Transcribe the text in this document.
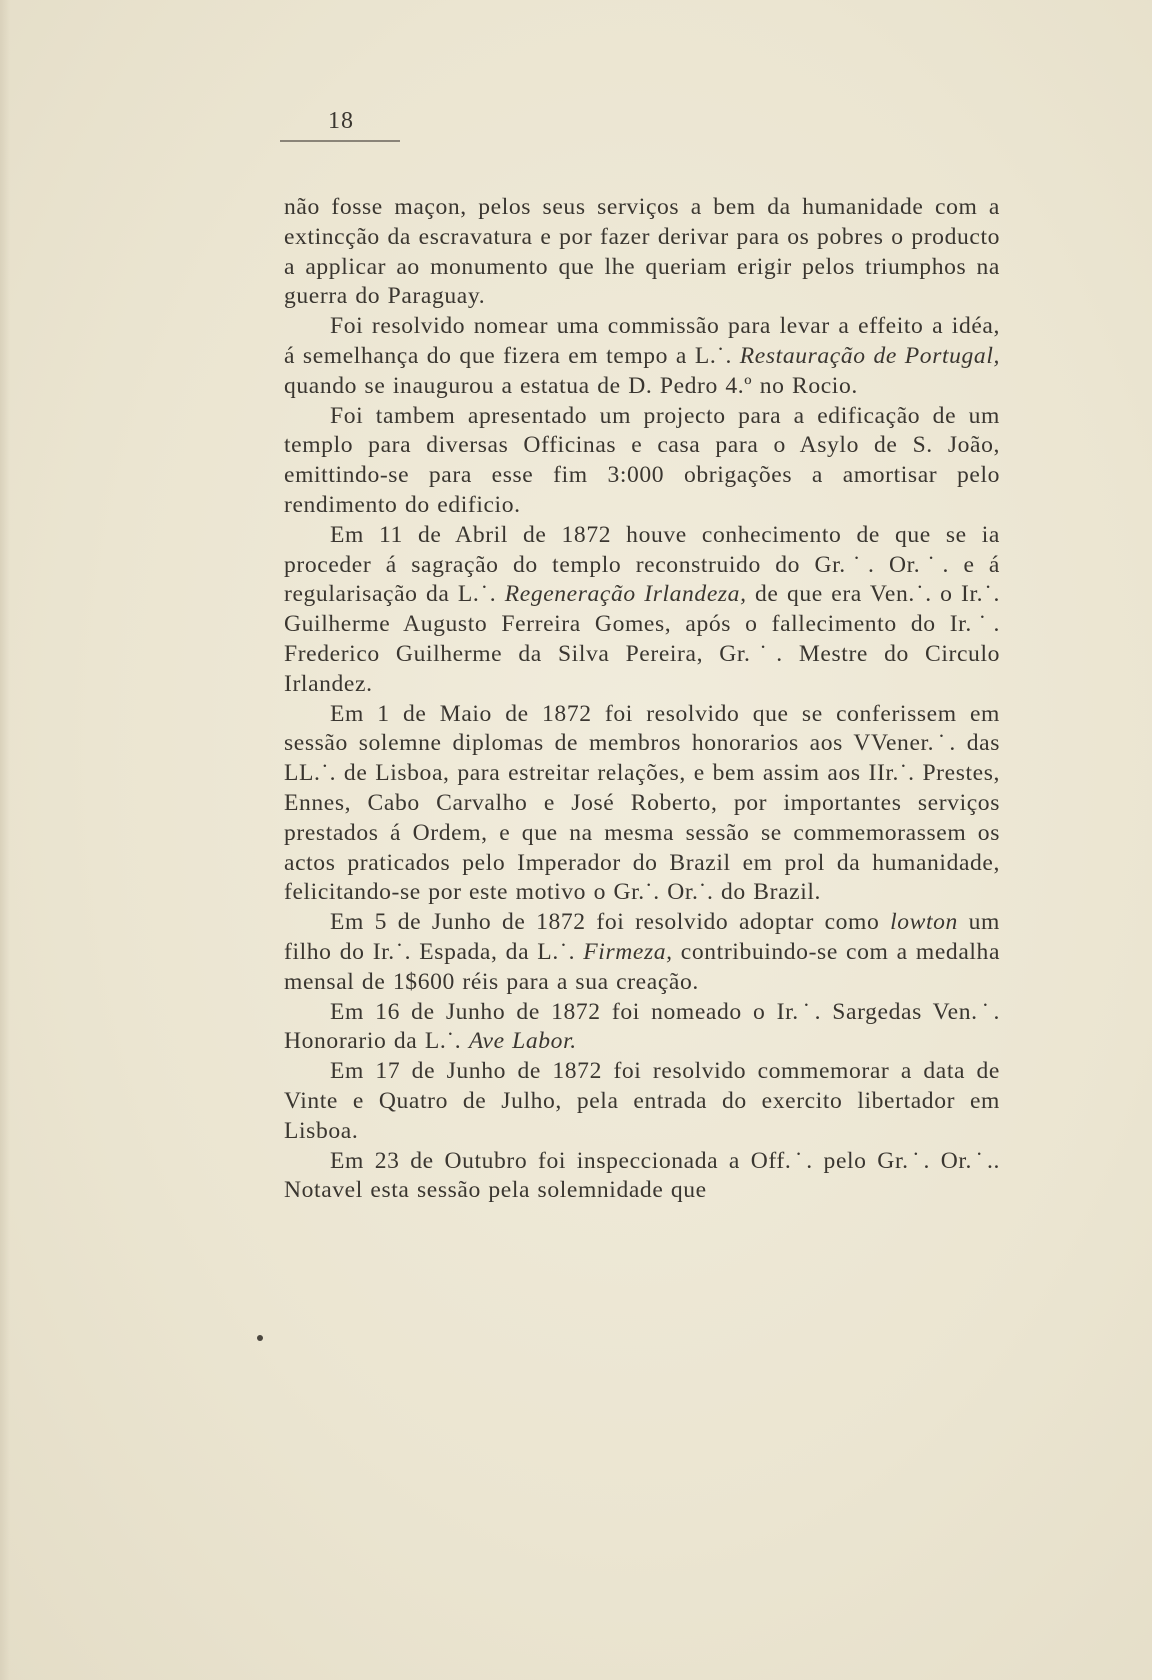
18

não fosse maçon, pelos seus serviços a bem da humanidade com a extincção da escravatura e por fazer derivar para os pobres o producto a applicar ao monumento que lhe queriam erigir pelos triumphos na guerra do Paraguay.

Foi resolvido nomear uma commissão para levar a effeito a idéa, á semelhança do que fizera em tempo a L.˙. Restauração de Portugal, quando se inaugurou a estatua de D. Pedro 4.º no Rocio.

Foi tambem apresentado um projecto para a edificação de um templo para diversas Officinas e casa para o Asylo de S. João, emittindo-se para esse fim 3:000 obrigações a amortisar pelo rendimento do edificio.

Em 11 de Abril de 1872 houve conhecimento de que se ia proceder á sagração do templo reconstruido do Gr.˙. Or.˙. e á regularisação da L.˙. Regeneração Irlandeza, de que era Ven.˙. o Ir.˙. Guilherme Augusto Ferreira Gomes, após o fallecimento do Ir.˙. Frederico Guilherme da Silva Pereira, Gr.˙. Mestre do Circulo Irlandez.

Em 1 de Maio de 1872 foi resolvido que se conferissem em sessão solemne diplomas de membros honorarios aos VVener.˙. das LL.˙. de Lisboa, para estreitar relações, e bem assim aos IIr.˙. Prestes, Ennes, Cabo Carvalho e José Roberto, por importantes serviços prestados á Ordem, e que na mesma sessão se commemorassem os actos praticados pelo Imperador do Brazil em prol da humanidade, felicitando-se por este motivo o Gr.˙. Or.˙. do Brazil.

Em 5 de Junho de 1872 foi resolvido adoptar como lowton um filho do Ir.˙. Espada, da L.˙. Firmeza, contribuindo-se com a medalha mensal de 1$600 réis para a sua creação.

Em 16 de Junho de 1872 foi nomeado o Ir.˙. Sargedas Ven.˙. Honorario da L.˙. Ave Labor.

Em 17 de Junho de 1872 foi resolvido commemorar a data de Vinte e Quatro de Julho, pela entrada do exercito libertador em Lisboa.

Em 23 de Outubro foi inspeccionada a Off.˙. pelo Gr.˙. Or.˙.. Notavel esta sessão pela solemnidade que
